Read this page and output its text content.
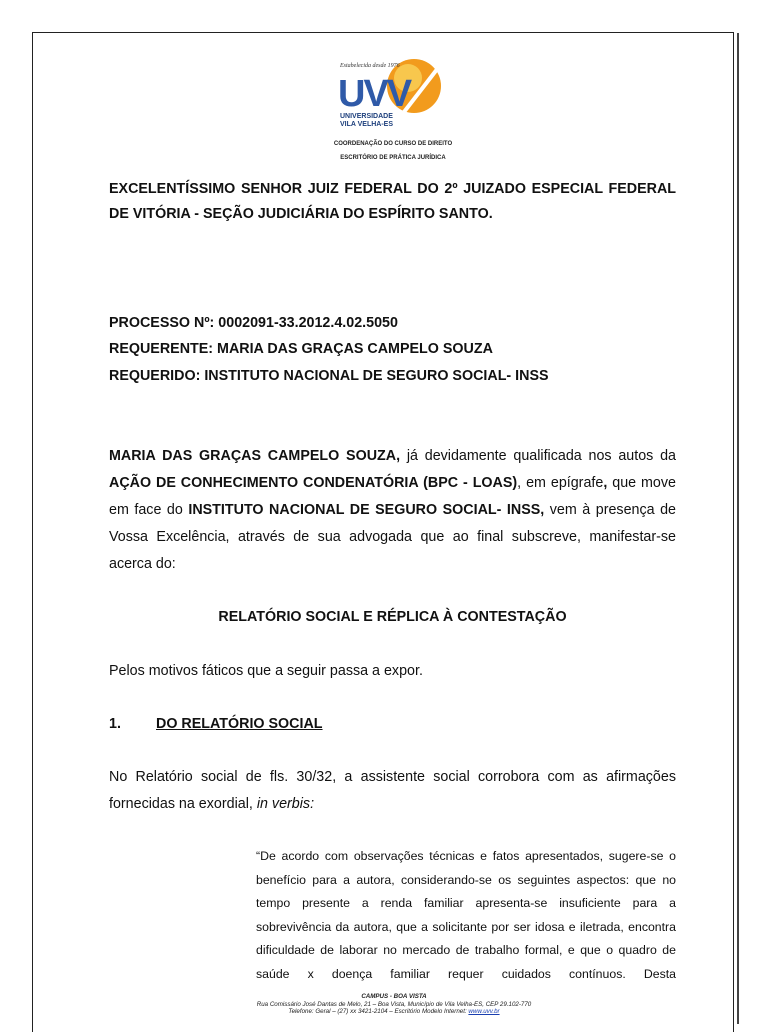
Estabelecida desde 1976
UVV
UNIVERSIDADE
VILA VELHA-ES
COORDENAÇÃO DO CURSO DE DIREITO
ESCRITÓRIO DE PRÁTICA JURÍDICA
EXCELENTÍSSIMO SENHOR JUIZ FEDERAL DO 2º JUIZADO ESPECIAL FEDERAL DE VITÓRIA - SEÇÃO JUDICIÁRIA DO ESPÍRITO SANTO.
PROCESSO Nº: 0002091-33.2012.4.02.5050
REQUERENTE: MARIA DAS GRAÇAS CAMPELO SOUZA
REQUERIDO: INSTITUTO NACIONAL DE SEGURO SOCIAL- INSS
MARIA DAS GRAÇAS CAMPELO SOUZA, já devidamente qualificada nos autos da AÇÃO DE CONHECIMENTO CONDENATÓRIA (BPC - LOAS), em epígrafe, que move em face do INSTITUTO NACIONAL DE SEGURO SOCIAL- INSS, vem à presença de Vossa Excelência, através de sua advogada que ao final subscreve, manifestar-se acerca do:
RELATÓRIO SOCIAL E RÉPLICA À CONTESTAÇÃO
Pelos motivos fáticos que a seguir passa a expor.
1. DO RELATÓRIO SOCIAL
No Relatório social de fls. 30/32, a assistente social corrobora com as afirmações fornecidas na exordial, in verbis:
“De acordo com observações técnicas e fatos apresentados, sugere-se o benefício para a autora, considerando-se os seguintes aspectos: que no tempo presente a renda familiar apresenta-se insuficiente para a sobrevivência da autora, que a solicitante por ser idosa e iletrada, encontra dificuldade de laborar no mercado de trabalho formal, e que o quadro de saúde x doença familiar requer cuidados contínuos. Desta
CAMPUS - BOA VISTA
Rua Comissário José Dantas de Melo, 21 – Boa Vista, Município de Vila Velha-ES, CEP 29.102-770
Telefone: Geral – (27) xx 3421-2104 – Escritório Modelo Internet: www.uvv.br
